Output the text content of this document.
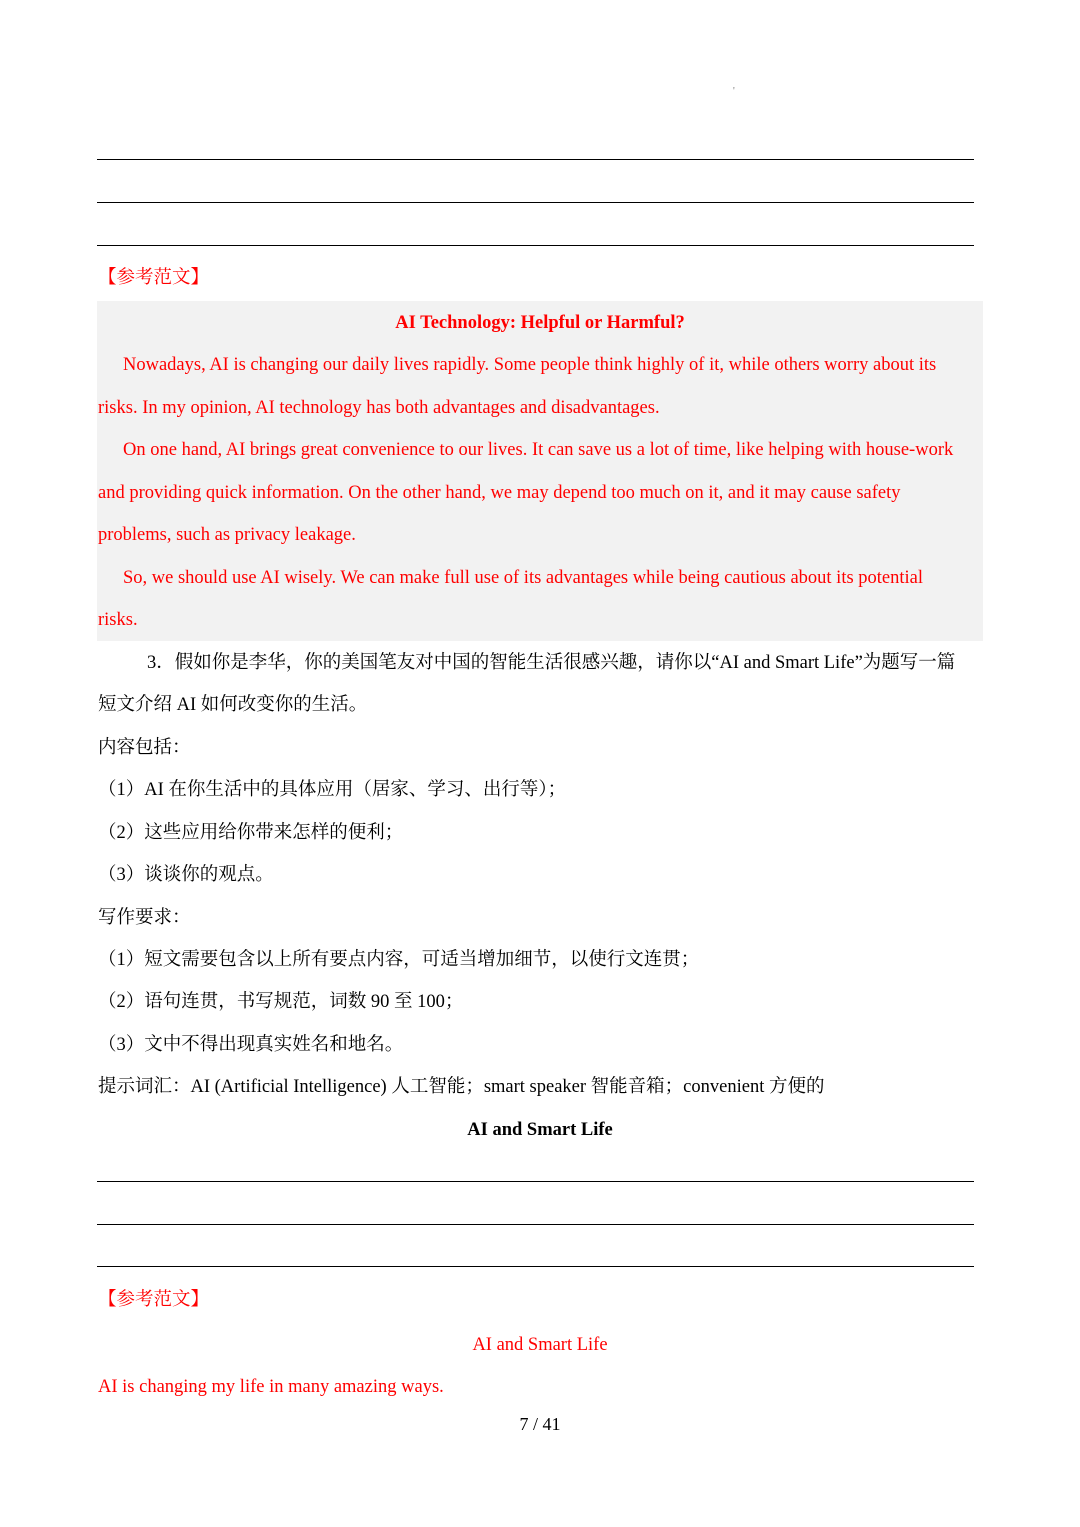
'
【参考范文】
AI Technology: Helpful or Harmful?
Nowadays, AI is changing our daily lives rapidly. Some people think highly of it, while others worry about its
risks. In my opinion, AI technology has both advantages and disadvantages.
On one hand, AI brings great convenience to our lives. It can save us a lot of time, like helping with house-work
and providing quick information. On the other hand, we may depend too much on it, and it may cause safety
problems, such as privacy leakage.
So, we should use AI wisely. We can make full use of its advantages while being cautious about its potential
risks.
3．假如你是李华，你的美国笔友对中国的智能生活很感兴趣，请你以“AI and Smart Life”为题写一篇
短文介绍 AI 如何改变你的生活。
内容包括：
（1）AI 在你生活中的具体应用（居家、学习、出行等）；
（2）这些应用给你带来怎样的便利；
（3）谈谈你的观点。
写作要求：
（1）短文需要包含以上所有要点内容，可适当增加细节，以使行文连贯；
（2）语句连贯，书写规范，词数 90 至 100；
（3）文中不得出现真实姓名和地名。
提示词汇：AI (Artificial Intelligence) 人工智能；smart speaker 智能音箱；convenient 方便的
AI and Smart Life
【参考范文】
AI and Smart Life
AI is changing my life in many amazing ways.
7 / 41
